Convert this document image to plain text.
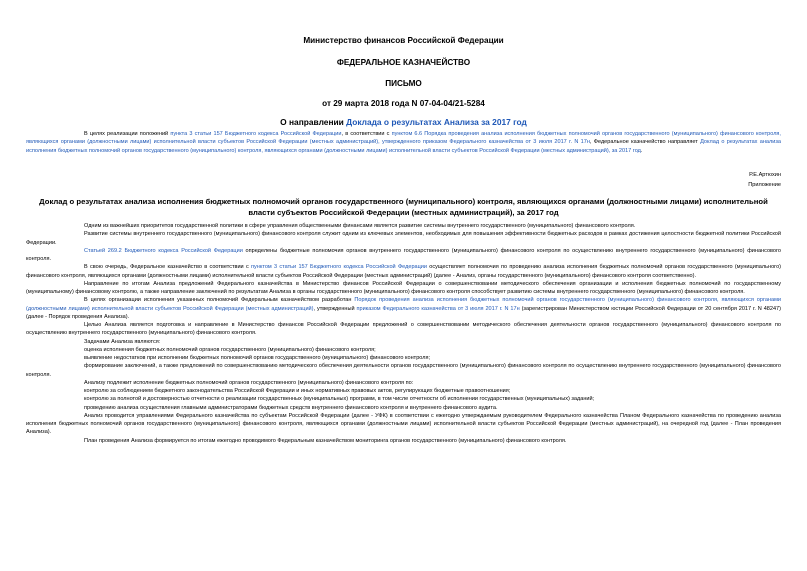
Министерство финансов Российской Федерации
ФЕДЕРАЛЬНОЕ КАЗНАЧЕЙСТВО
ПИСЬМО
от 29 марта 2018 года N 07-04-04/21-5284
О направлении Доклада о результатах Анализа за 2017 год

В целях реализации положений пункта 3 статьи 157 Бюджетного кодекса Российской Федерации, в соответствии с пунктом 6.6 Порядка проведения анализа исполнения бюджетных полномочий органов государственного (муниципального) финансового контроля, являющихся органами (должностными лицами) исполнительной власти субъектов Российской Федерации (местных администраций), утвержденного приказом Федерального казначейства от 3 июля 2017 г. N 17н, Федеральное казначейство направляет Доклад о результатах анализа исполнения бюджетных полномочий органов государственного (муниципального) контроля, являющихся органами (должностными лицами) исполнительной власти субъектов Российской Федерации (местных администраций), за 2017 год.

Р.Е.Артюхин
Приложение
Доклад о результатах анализа исполнения бюджетных полномочий органов государственного (муниципального) контроля, являющихся органами (должностными лицами) исполнительной власти субъектов Российской Федерации (местных администраций), за 2017 год

Одним из важнейших приоритетов государственной политики в сфере управления общественными финансами является развитие системы внутреннего государственного (муниципального) финансового контроля.

Развитие системы внутреннего государственного (муниципального) финансового контроля служит одним из ключевых элементов, необходимых для повышения эффективности бюджетных расходов в рамках достижения целостности бюджетной политики Российской Федерации.

Статьей 269.2 Бюджетного кодекса Российской Федерации определены бюджетные полномочия органов внутреннего государственного (муниципального) финансового контроля по осуществлению внутреннего государственного (муниципального) финансового контроля.

В свою очередь, Федеральное казначейство в соответствии с пунктом 3 статьи 157 Бюджетного кодекса Российской Федерации осуществляет полномочия по проведению анализа исполнения бюджетных полномочий органов государственного (муниципального) финансового контроля, являющихся органами (должностными лицами) исполнительной власти субъектов Российской Федерации (местных администраций) (далее - Анализ, органы государственного (муниципального) финансового контроля соответственно).

Направление по итогам Анализа предложений Федерального казначейства в Министерство финансов Российской Федерации о совершенствовании методического обеспечения организации и исполнения бюджетных полномочий по государственному (муниципальному) финансовому контролю, а также направление заключений по результатам Анализа в органы государственного (муниципального) финансового контроля способствует развитию системы внутреннего государственного (муниципального) финансового контроля.

В целях организации исполнения указанных полномочий Федеральным казначейством разработан Порядок проведения анализа исполнения бюджетных полномочий органов государственного (муниципального) финансового контроля, являющихся органами (должностными лицами) исполнительной власти субъектов Российской Федерации (местных администраций), утвержденный приказом Федерального казначейства от 3 июля 2017 г. N 17н (зарегистрирован Министерством юстиции Российской Федерации от 20 сентября 2017 г. N 48247) (далее - Порядок проведения Анализа).

Целью Анализа является подготовка и направление в Министерство финансов Российской Федерации предложений о совершенствовании методического обеспечения деятельности органов государственного (муниципального) финансового контроля по осуществлению внутреннего государственного (муниципального) финансового контроля.

Задачами Анализа являются:

оценка исполнения бюджетных полномочий органов государственного (муниципального) финансового контроля;

выявление недостатков при исполнении бюджетных полномочий органов государственного (муниципального) финансового контроля;

формирование заключений, а также предложений по совершенствованию методического обеспечения деятельности органов государственного (муниципального) финансового контроля по осуществлению внутреннего государственного (муниципального) финансового контроля.

Анализу подлежит исполнение бюджетных полномочий органов государственного (муниципального) финансового контроля по:

контролю за соблюдением бюджетного законодательства Российской Федерации и иных нормативных правовых актов, регулирующих бюджетные правоотношения;

контролю за полнотой и достоверностью отчетности о реализации государственных (муниципальных) программ, в том числе отчетности об исполнении государственных (муниципальных) заданий;

проведению анализа осуществления главными администраторами бюджетных средств внутреннего финансового контроля и внутреннего финансового аудита.

Анализ проводится управлениями Федерального казначейства по субъектам Российской Федерации (далее - УФК) в соответствии с ежегодно утверждаемым руководителем Федерального казначейства Планом Федерального казначейства по проведению анализа исполнения бюджетных полномочий органов государственного (муниципального) финансового контроля, являющихся органами (должностными лицами) исполнительной власти субъектов Российской Федерации (местных администраций), на очередной год (далее - План проведения Анализа).

План проведения Анализа формируется по итогам ежегодно проводимого Федеральным казначейством мониторинга органов государственного (муниципального) финансового контроля.
